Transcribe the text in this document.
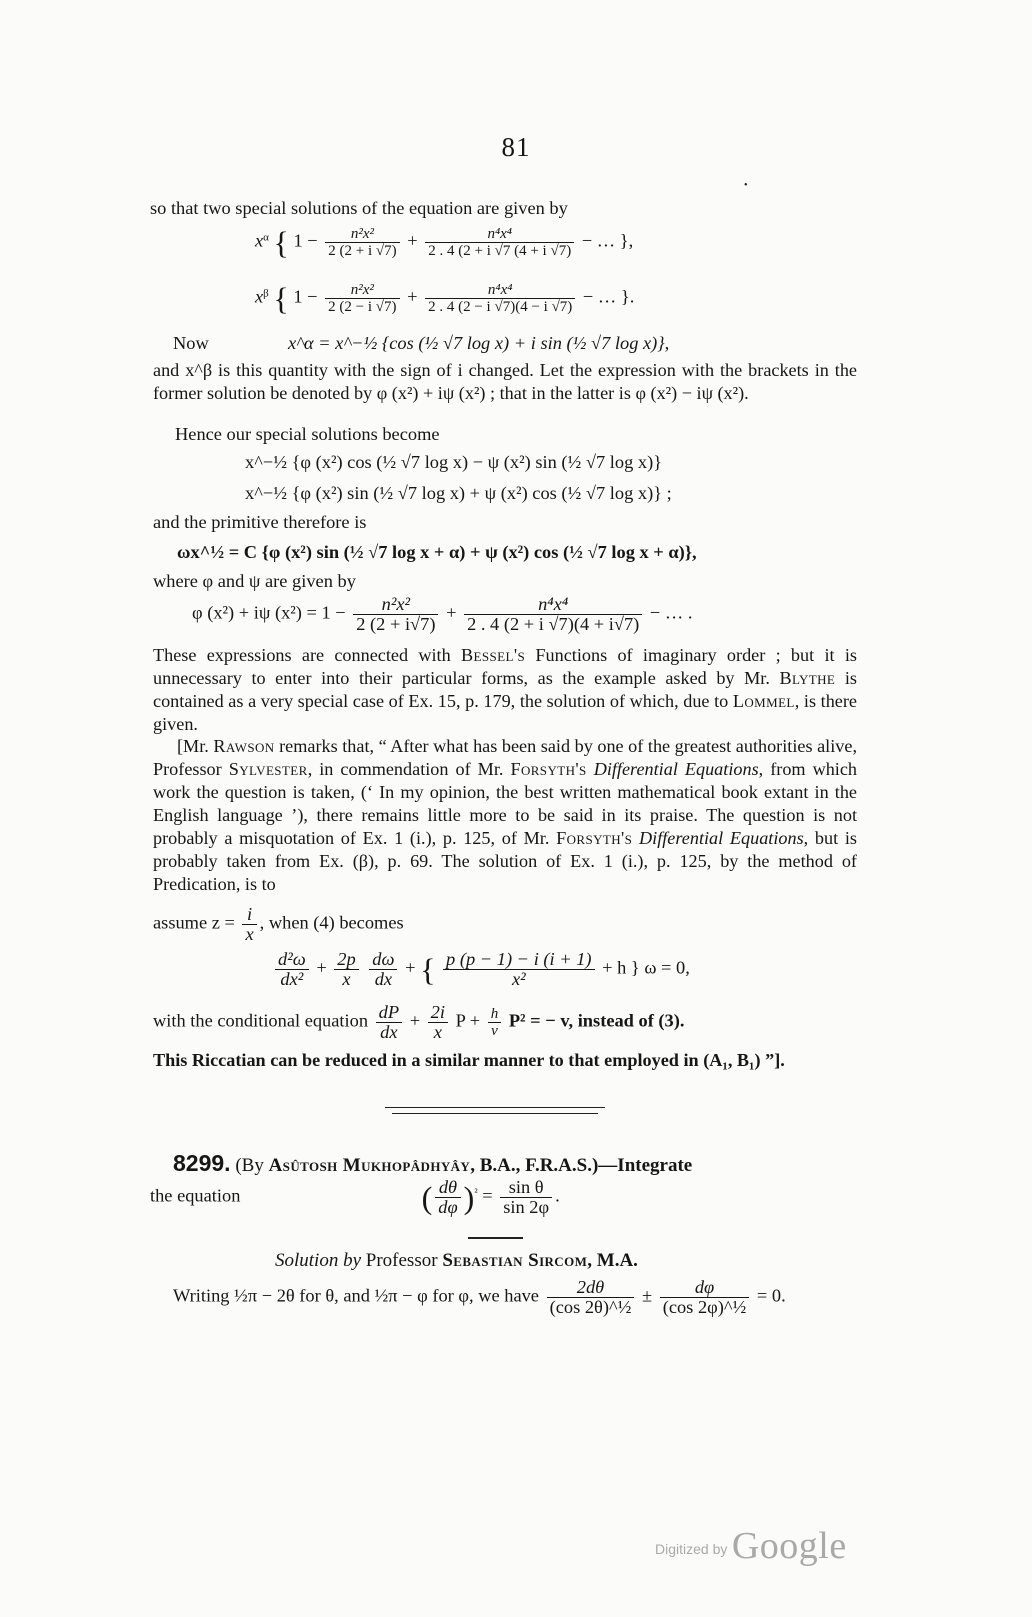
81
•
so that two special solutions of the equation are given by
$x^\alpha$ { $1 - \frac{\text{n²x²}}{2 (2 + i √7)} + \frac{\text{n⁴x⁴}}{2 . 4 (2 + i √7 (4 + i √7)}$ − … },
$x^\beta$ { $1 - \frac{\text{n²x²}}{2 (2 - i √7)} + \frac{\text{n⁴x⁴}}{2 . 4 (2 - i √7)(4 - i √7)}$ − … }.
Now	x^α = x^−½ {cos (½ √7 log x) + i sin (½ √7 log x)},
and x^β is this quantity with the sign of i changed. Let the expression with the brackets in the former solution be denoted by φ (x²) + iψ (x²) ; that in the latter is φ (x²) − iψ (x²).
Hence our special solutions become
x^−½ {φ (x²) cos (½ √7 log x) − ψ (x²) sin (½ √7 log x)}
x^−½ {φ (x²) sin (½ √7 log x) + ψ (x²) cos (½ √7 log x)} ;
and the primitive therefore is
ωx^½ = C {φ (x²) sin (½ √7 log x + α) + ψ (x²) cos (½ √7 log x + α)},
where φ and ψ are given by
φ (x²) + iψ $(x^2) = 1 - \frac{\text{n²x²}}{2 (2 + i√7)} + \frac{\text{n⁴x⁴}}{2 . 4 (2 + i √7)(4 + i√7)}$ − … .
These expressions are connected with Bessel's Functions of imaginary order ; but it is unnecessary to enter into their particular forms, as the example asked by Mr. Blythe is contained as a very special case of Ex. 15, p. 179, the solution of which, due to Lommel, is there given.
[Mr. Rawson remarks that, “ After what has been said by one of the greatest authorities alive, Professor Sylvester, in commendation of Mr. Forsyth's Differential Equations, from which work the question is taken, (‘ In my opinion, the best written mathematical book extant in the English language ’), there remains little more to be said in its praise. The question is not probably a misquotation of Ex. 1 (i.), p. 125, of Mr. Forsyth's Differential Equations, but is probably taken from Ex. (β), p. 69. The solution of Ex. 1 (i.), p. 125, by the method of Predication, is to
assume $z = \frac{i}{x}$ , when (4) becomes
$\frac{\text{d²ω}}{\text{dx²}} + \frac{2p}{x}$
$\frac{d\omega}{dx}$ + { $\frac{p (p - 1) - i (i + 1)}{\text{x²}} + h$ } ω = 0,
with the conditional equation $\frac{dP}{dx} + \frac{2i}{x}$ $P + \frac{h}{v} P^2$ = − v, instead of (3).
This Riccatian can be reduced in a similar manner to that employed in (A₁, B₁) ”].
8299. (By Asûtosh Mukhopâdhyây, B.A., F.R.A.S.)—Integrate
the equation	( $\frac{d\theta}{d\varphi} )^{^2} = \frac{\text{sin θ}}{\sin 2\varphi}$ .
Solution by Professor Sebastian Sircom, M.A.
Writing ½π − 2θ for θ, and ½π − φ for φ, we have $\frac{2d\theta}{\text{(cos 2θ)\textasciicircum{}½}} \pm \frac{d\varphi}{\text{(cos 2φ)\textasciicircum{}½}} = 0$.
Digitized by Google
